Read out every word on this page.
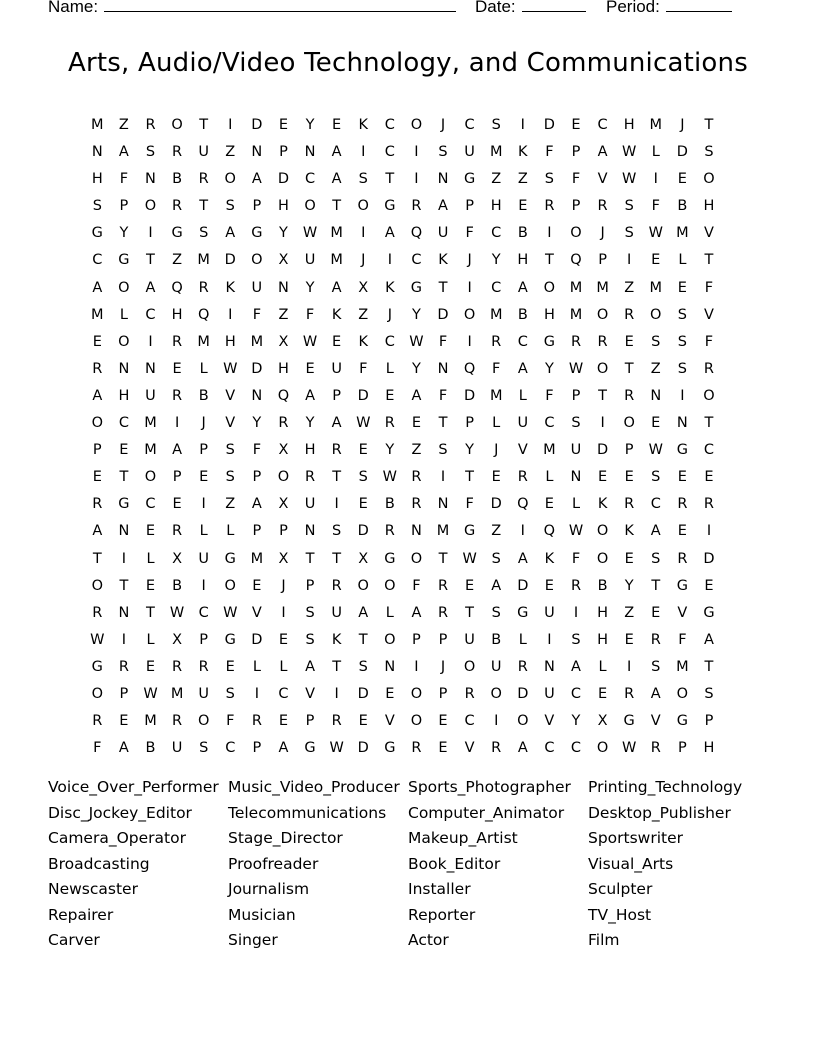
Name:	Date:	Period:
Arts, Audio/Video Technology, and Communications
M	Z	R	O	T	I	D	E	Y	E	K	C	O	J	C	S	I	D	E	C	H	M	J	T
N	A	S	R	U	Z	N	P	N	A	I	C	I	S	U	M	K	F	P	A W	L	D	S
H	F	N	B	R	O	A	D	C	A	S	T	I	N	G	Z	Z	S	F	V W	I	E	O
S	P	O	R	T	S	P	H	O	T	O	G	R	A	P	H	E	R	P	R	S	F	B	H
G	Y	I	G	S	A	G	Y	W M	I	A	Q	U	F	C	B	I	O	J	S	W M	V
C	G	T	Z	M	D	O	X	U	M	J	I	C	K	J	Y	H	T	Q	P	I	E	L	T
A	O	A	Q	R	K	U	N	Y	A	X	K	G	T	I	C	A	O	M M	Z	M	E	F
M	L	C	H	Q	I	F	Z	F	K	Z	J	Y	D	O	M	B	H	M	O	R	O	S	V
E	O	I	R	M	H	M	X W	E	K	C W	F	I	R	C	G	R	R	E	S	S	F
R	N	N	E	L	W D	H	E	U	F	L	Y	N	Q	F	A	Y	W O	T	Z	S	R
A	H	U	R	B	V	N	Q	A	P	D	E	A	F	D	M	L	F	P	T	R	N	I	O
O	C	M	I	J	V	Y	R	Y	A W R	E	T	P	L	U	C	S	I	O	E	N	T
P	E	M	A	P	S	F	X	H	R	E	Y	Z	S	Y	J	V	M	U	D	P	W G	C
E	T	O	P	E	S	P	O	R	T	S	W R	I	T	E	R	L	N	E	E	S	E	E
R	G	C	E	I	Z	A	X	U	I	E	B	R	N	F	D	Q	E	L	K	R	C	R	R
A	N	E	R	L	L	P	P	N	S	D	R	N	M	G	Z	I	Q W O	K	A	E	I
T	I	L	X	U	G	M	X	T	T	X	G	O	T	W	S	A	K	F	O	E	S	R	D
O	T	E	B	I	O	E	J	P	R	O	O	F	R	E	A	D	E	R	B	Y	T	G	E
R	N	T	W C W V	I	S	U	A	L	A	R	T	S	G	U	I	H	Z	E	V	G
W	I	L	X	P	G	D	E	S	K	T	O	P	P	U	B	L	I	S	H	E	R	F	A
G	R	E	R	R	E	L	L	A	T	S	N	I	J	O	U	R	N	A	L	I	S	M	T
O	P	W M	U	S	I	C	V	I	D	E	O	P	R	O	D	U	C	E	R	A	O	S
R	E	M	R	O	F	R	E	P	R	E	V	O	E	C	I	O	V	Y	X	G	V	G	P
F	A	B	U	S	C	P	A	G W D	G	R	E	V	R	A	C	C	O W R	P	H
Voice_Over_Performer Music_Video_Producer Sports_Photographer	Printing_Technology
Disc_Jockey_Editor	Telecommunications	Computer_Animator	Desktop_Publisher
Camera_Operator	Stage_Director	Makeup_Artist	Sportswriter
Broadcasting	Proofreader	Book_Editor	Visual_Arts
Newscaster	Journalism	Installer	Sculpter
Repairer	Musician	Reporter	TV_Host
Carver	Singer	Actor	Film
